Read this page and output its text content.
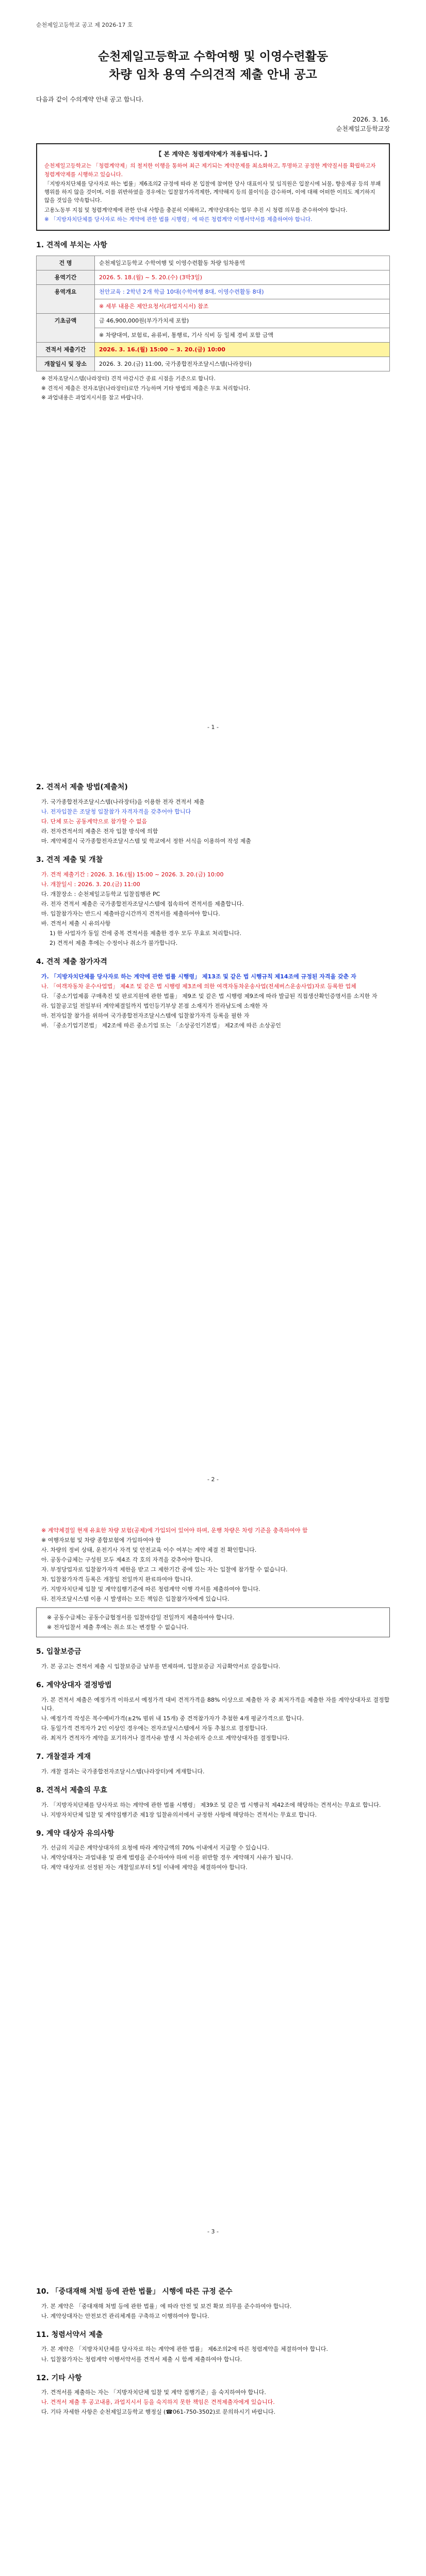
순천제일고등학교 공고 제 2026-17 호
순천제일고등학교 수학여행 및 이영수련활동
차량 임차 용역 수의견적 제출 안내 공고
다음과 같이 수의계약 안내 공고 합니다.
2026. 3. 16.
순천제일고등학교장
【 본 계약은 청렴계약제가 적용됩니다. 】

순천제일고등학교는 「청렴계약제」의 철저한 이행을 통하여 최근 제기되는 계약문제를 최소화하고, 투명하고 공정한 계약질서를 확립하고자 청렴계약제를 시행하고 있습니다.

「지방자치단체를 당사자로 하는 법률」제6조의2 규정에 따라 본 입찰에 참여한 당사 대표이사 및 임직원은 입찰시에 뇌물, 향응제공 등의 부패행위를 하지 않을 것이며, 이를 위반하였을 경우에는 입찰참가자격제한, 계약해지 등의 불이익을 감수하며, 이에 대해 어떠한 이의도 제기하지 않을 것임을 약속합니다.

고용노동부 지침 및 청렴계약제에 관한 안내 사항을 충분히 이해하고, 계약상대자는 업무 추진 시 청렴 의무를 준수하여야 합니다.

※ 「지방자치단체를 당사자로 하는 계약에 관한 법률 시행령」에 따른 청렴계약 이행서약서를 제출하여야 합니다.

1. 견적에 부치는 사항
건 명	순천제일고등학교 수학여행 및 이영수련활동 차량 임차용역
용역기간	2026. 5. 18.(월) ~ 5. 20.(수) (3박3일)
용역개요	천안교육 : 2학년 2개 학급 10대(수학여행 8대, 이영수련활동 8대)
	※ 세부 내용은 제안요청서(과업지시서) 참조
기초금액	금 46,900,000원(부가가치세 포함)
	※ 차량대여, 보험료, 유류비, 통행료, 기사 식비 등 일체 경비 포함 금액
견적서 제출기간	2026. 3. 16.(월) 15:00 ~ 3. 20.(금) 10:00
개찰일시 및 장소	2026. 3. 20.(금) 11:00, 국가종합전자조달시스템(나라장터)
※ 전자조달시스템(나라장터) 견적 마감시간 종료 시점을 기준으로 합니다.
※ 견적서 제출은 전자조달(나라장터)로만 가능하며 기타 방법의 제출은 무효 처리합니다.
※ 과업내용은 과업지시서를 참고 바랍니다.
- 1 -
2. 견적서 제출 방법(제출처)
가. 국가종합전자조달시스템(나라장터)을 이용한 전자 견적서 제출
나. 전자입찰은 조달청 입찰참가 자격자격을 갖추어야 합니다
다. 단체 또는 공동계약으로 참가할 수 없음
라. 전자견적서의 제출은 전자 입찰 방식에 의함
마. 계약체결시 국가종합전자조달시스템 및 학교에서 정한 서식을 이용하여 작성 제출
3. 견적 제출 및 개찰
가. 견적 제출기간 : 2026. 3. 16.(월) 15:00 ~ 2026. 3. 20.(금) 10:00
나. 개찰일시 : 2026. 3. 20.(금) 11:00
다. 개찰장소 : 순천제일고등학교 입찰집행관 PC
라. 전자 견적서 제출은 국가종합전자조달시스템에 접속하여 견적서를 제출합니다.
마. 입찰참가자는 반드시 제출마감시간까지 견적서를 제출하여야 합니다.
바. 견적서 제출 시 유의사항
1) 한 사업자가 동일 건에 중복 견적서를 제출한 경우 모두 무효로 처리합니다.
2) 견적서 제출 후에는 수정이나 취소가 불가합니다.
4. 견적 제출 참가자격
가. 「지방자치단체를 당사자로 하는 계약에 관한 법률 시행령」 제13조 및 같은 법 시행규칙 제14조에 규정된 자격을 갖춘 자
나. 「여객자동차 운수사업법」 제4조 및 같은 법 시행령 제3조에 의한 여객자동차운송사업(전세버스운송사업)자로 등록한 업체
다. 「중소기업제품 구매촉진 및 판로지원에 관한 법률」 제9조 및 같은 법 시행령 제9조에 따라 발급된 직접생산확인증명서를 소지한 자
라. 입찰공고일 전일부터 계약체결일까지 법인등기부상 본점 소재지가 전라남도에 소재한 자
마. 전자입찰 참가를 위하여 국가종합전자조달시스템에 입찰참가자격 등록을 필한 자
바. 「중소기업기본법」 제2조에 따른 중소기업 또는 「소상공인기본법」 제2조에 따른 소상공인
- 2 -
※ 계약체결일 현재 유효한 차량 보험(공제)에 가입되어 있어야 하며, 운행 차량은 차령 기준을 충족하여야 함
※ 여행자보험 및 차량 종합보험에 가입하여야 함
사. 차량의 정비 상태, 운전기사 자격 및 안전교육 이수 여부는 계약 체결 전 확인합니다.
아. 공동수급체는 구성원 모두 제4조 각 호의 자격을 갖추어야 합니다.
자. 부정당업자로 입찰참가자격 제한을 받고 그 제한기간 중에 있는 자는 입찰에 참가할 수 없습니다.
차. 입찰참가자격 등록은 개찰일 전일까지 완료하여야 합니다.
카. 지방자치단체 입찰 및 계약집행기준에 따른 청렴계약 이행 각서를 제출하여야 합니다.
타. 전자조달시스템 이용 시 발생하는 모든 책임은 입찰참가자에게 있습니다.
※ 공동수급체는 공동수급협정서를 입찰마감일 전일까지 제출하여야 합니다.
※ 전자입찰서 제출 후에는 취소 또는 변경할 수 없습니다.
5. 입찰보증금
가. 본 공고는 견적서 제출 시 입찰보증금 납부를 면제하며, 입찰보증금 지급확약서로 갈음합니다.
6. 계약상대자 결정방법
가. 본 견적서 제출은 예정가격 이하로서 예정가격 대비 견적가격을 88% 이상으로 제출한 자 중 최저가격을 제출한 자를 계약상대자로 결정합니다.
나. 예정가격 작성은 복수예비가격(±2% 범위 내 15개) 중 견적참가자가 추첨한 4개 평균가격으로 합니다.
다. 동일가격 견적자가 2인 이상인 경우에는 전자조달시스템에서 자동 추첨으로 결정합니다.
라. 최저가 견적자가 계약을 포기하거나 결격사유 발생 시 차순위자 순으로 계약상대자를 결정합니다.
7. 개찰결과 게재
가. 개찰 결과는 국가종합전자조달시스템(나라장터)에 게재합니다.
8. 견적서 제출의 무효
가. 「지방자치단체를 당사자로 하는 계약에 관한 법률 시행령」 제39조 및 같은 법 시행규칙 제42조에 해당하는 견적서는 무효로 합니다.
나. 지방자치단체 입찰 및 계약집행기준 제1장 입찰유의서에서 규정한 사항에 해당하는 견적서는 무효로 합니다.
9. 계약 대상자 유의사항
가. 선금의 지급은 계약상대자의 요청에 따라 계약금액의 70% 이내에서 지급할 수 있습니다.
나. 계약상대자는 과업내용 및 관계 법령을 준수하여야 하며 이를 위반할 경우 계약해지 사유가 됩니다.
다. 계약 대상자로 선정된 자는 개찰일로부터 5일 이내에 계약을 체결하여야 합니다.
- 3 -
10. 「중대재해 처벌 등에 관한 법률」 시행에 따른 규정 준수
가. 본 계약은 「중대재해 처벌 등에 관한 법률」에 따라 안전 및 보건 확보 의무를 준수하여야 합니다.
나. 계약상대자는 안전보건 관리체계를 구축하고 이행하여야 합니다.
11. 청렴서약서 제출
가. 본 계약은 「지방자치단체를 당사자로 하는 계약에 관한 법률」 제6조의2에 따른 청렴계약을 체결하여야 합니다.
나. 입찰참가자는 청렴계약 이행서약서를 견적서 제출 시 함께 제출하여야 합니다.
12. 기타 사항
가. 견적서를 제출하는 자는 「지방자치단체 입찰 및 계약 집행기준」을 숙지하여야 합니다.
나. 견적서 제출 후 공고내용, 과업지시서 등을 숙지하지 못한 책임은 견적제출자에게 있습니다.
다. 기타 자세한 사항은 순천제일고등학교 행정실 (☎061-750-3502)로 문의하시기 바랍니다.
